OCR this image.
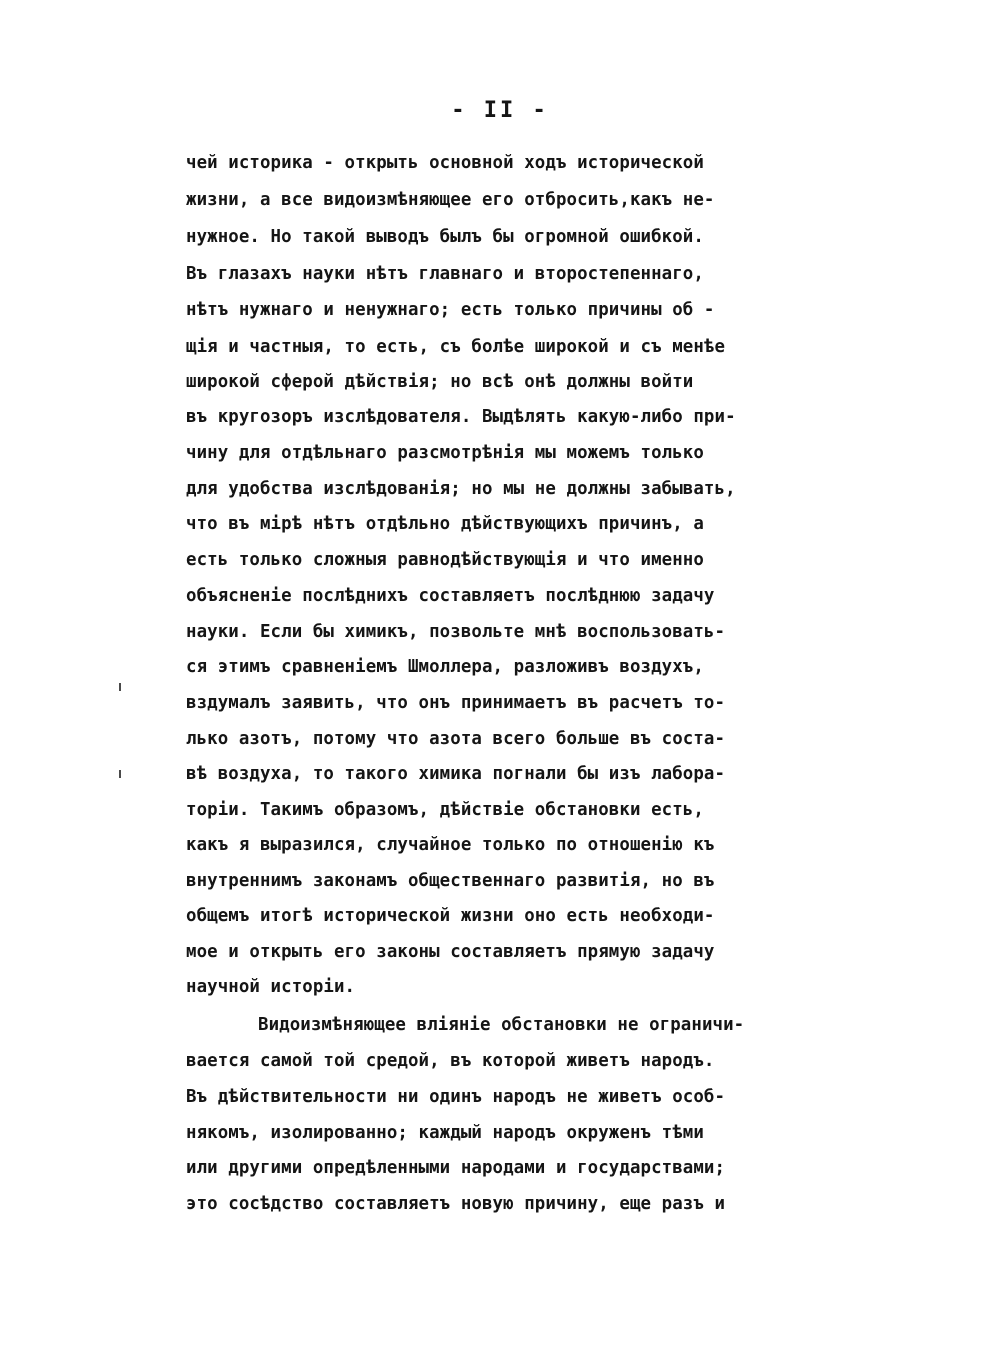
- II -
чей историка - открыть основной ходъ исторической
жизни, а все видоизмѣняющее его отбросить,какъ не-
нужное. Но такой выводъ былъ бы огромной ошибкой.
Въ глазахъ науки нѣтъ главнаго и второстепеннаго,
нѣтъ нужнаго и ненужнаго; есть только причины об -
щія и частныя, то есть, съ болѣе широкой и съ менѣе
широкой сферой дѣйствія; но всѣ онѣ должны войти
въ кругозоръ изслѣдователя. Выдѣлять какую-либо при-
чину для отдѣльнаго разсмотрѣнія мы можемъ только
для удобства изслѣдованія; но мы не должны забывать,
что въ мірѣ нѣтъ отдѣльно дѣйствующихъ причинъ, а
есть только сложныя равнодѣйствующія и что именно
объясненіе послѣднихъ составляетъ послѣднюю задачу
науки. Если бы химикъ, позвольте мнѣ воспользовать-
ся этимъ сравненіемъ Шмоллера, разложивъ воздухъ,
вздумалъ заявить, что онъ принимаетъ въ расчетъ то-
лько азотъ, потому что азота всего больше въ соста-
вѣ воздуха, то такого химика погнали бы изъ лабора-
торіи. Такимъ образомъ, дѣйствіе обстановки есть,
какъ я выразился, случайное только по отношенію къ
внутреннимъ законамъ общественнаго развитія, но въ
общемъ итогѣ исторической жизни оно есть необходи-
мое и открыть его законы составляетъ прямую задачу
научной исторіи.
Видоизмѣняющее вліяніе обстановки не ограничи-
вается самой той средой, въ которой живетъ народъ.
Въ дѣйствительности ни одинъ народъ не живетъ особ-
някомъ, изолированно; каждый народъ окруженъ тѣми
или другими опредѣленными народами и государствами;
это сосѣдство составляетъ новую причину, еще разъ и
